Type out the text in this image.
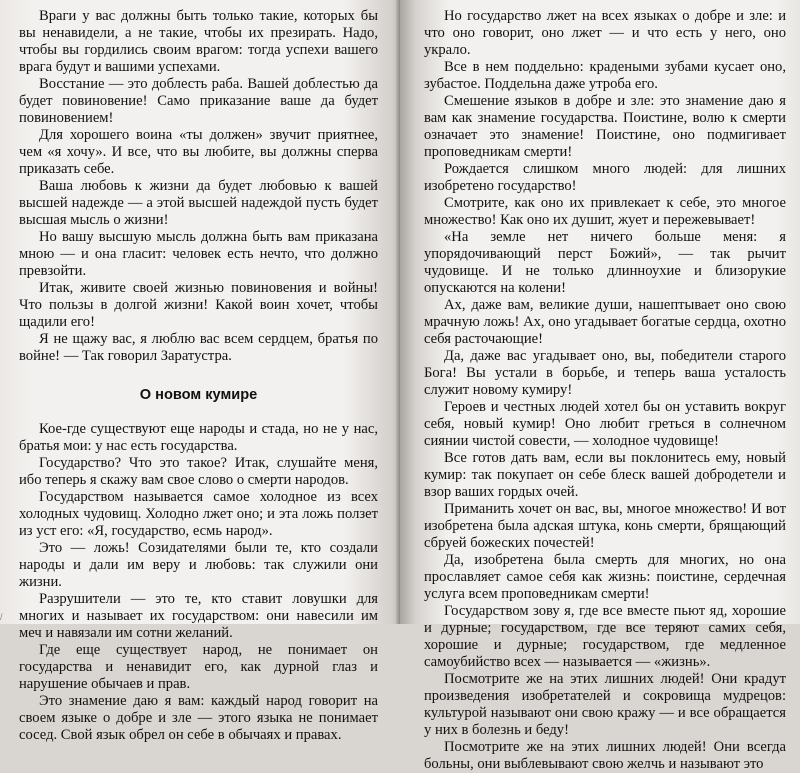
Враги у вас должны быть только такие, которых бы вы ненавидели, а не такие, чтобы их презирать. Надо, чтобы вы гордились своим врагом: тогда успехи вашего врага будут и вашими успехами.

Восстание — это доблесть раба. Вашей доблестью да будет повиновение! Само приказание ваше да будет повиновением!

Для хорошего воина «ты должен» звучит приятнее, чем «я хочу». И все, что вы любите, вы должны сперва приказать себе.

Ваша любовь к жизни да будет любовью к вашей высшей надежде — а этой высшей надеждой пусть будет высшая мысль о жизни!

Но вашу высшую мысль должна быть вам приказана мною — и она гласит: человек есть нечто, что должно превзойти.

Итак, живите своей жизнью повиновения и войны! Что пользы в долгой жизни! Какой воин хочет, чтобы щадили его!

Я не щажу вас, я люблю вас всем сердцем, братья по войне! — Так говорил Заратустра.

О новом кумире

Кое-где существуют еще народы и стада, но не у нас, братья мои: у нас есть государства.

Государство? Что это такое? Итак, слушайте меня, ибо теперь я скажу вам свое слово о смерти народов.

Государством называется самое холодное из всех холодных чудовищ. Холодно лжет оно; и эта ложь ползет из уст его: «Я, государство, есмь народ».

Это — ложь! Созидателями были те, кто создали народы и дали им веру и любовь: так служили они жизни.

Разрушители — это те, кто ставит ловушки для многих и называет их государством: они навесили им меч и навязали им сотни желаний.

Где еще существует народ, не понимает он государства и ненавидит его, как дурной глаз и нарушение обычаев и прав.

Это знамение даю я вам: каждый народ говорит на своем языке о добре и зле — этого языка не понимает сосед. Свой язык обрел он себе в обычаях и правах.

/

Но государство лжет на всех языках о добре и зле: и что оно говорит, оно лжет — и что есть у него, оно украло.

Все в нем поддельно: крадеными зубами кусает оно, зубастое. Поддельна даже утроба его.

Смешение языков в добре и зле: это знамение даю я вам как знамение государства. Поистине, волю к смерти означает это знамение! Поистине, оно подмигивает проповедникам смерти!

Рождается слишком много людей: для лишних изобретено государство!

Смотрите, как оно их привлекает к себе, это многое множество! Как оно их душит, жует и пережевывает!

«На земле нет ничего больше меня: я упорядочивающий перст Божий», — так рычит чудовище. И не только длинноухие и близорукие опускаются на колени!

Ах, даже вам, великие души, нашептывает оно свою мрачную ложь! Ах, оно угадывает богатые сердца, охотно себя расточающие!

Да, даже вас угадывает оно, вы, победители старого Бога! Вы устали в борьбе, и теперь ваша усталость служит новому кумиру!

Героев и честных людей хотел бы он уставить вокруг себя, новый кумир! Оно любит греться в солнечном сиянии чистой совести, — холодное чудовище!

Все готов дать вам, если вы поклонитесь ему, новый кумир: так покупает он себе блеск вашей добродетели и взор ваших гордых очей.

Приманить хочет он вас, вы, многое множество! И вот изобретена была адская штука, конь смерти, брящающий сбруей божеских почестей!

Да, изобретена была смерть для многих, но она прославляет самое себя как жизнь: поистине, сердечная услуга всем проповедникам смерти!

Государством зову я, где все вместе пьют яд, хорошие и дурные; государством, где все теряют самих себя, хорошие и дурные; государством, где медленное самоубийство всех — называется — «жизнь».

Посмотрите же на этих лишних людей! Они крадут произведения изобретателей и сокровища мудрецов: культурой называют они свою кражу — и все обращается у них в болезнь и беду!

Посмотрите же на этих лишних людей! Они всегда больны, они выблевывают свою желчь и называют это
